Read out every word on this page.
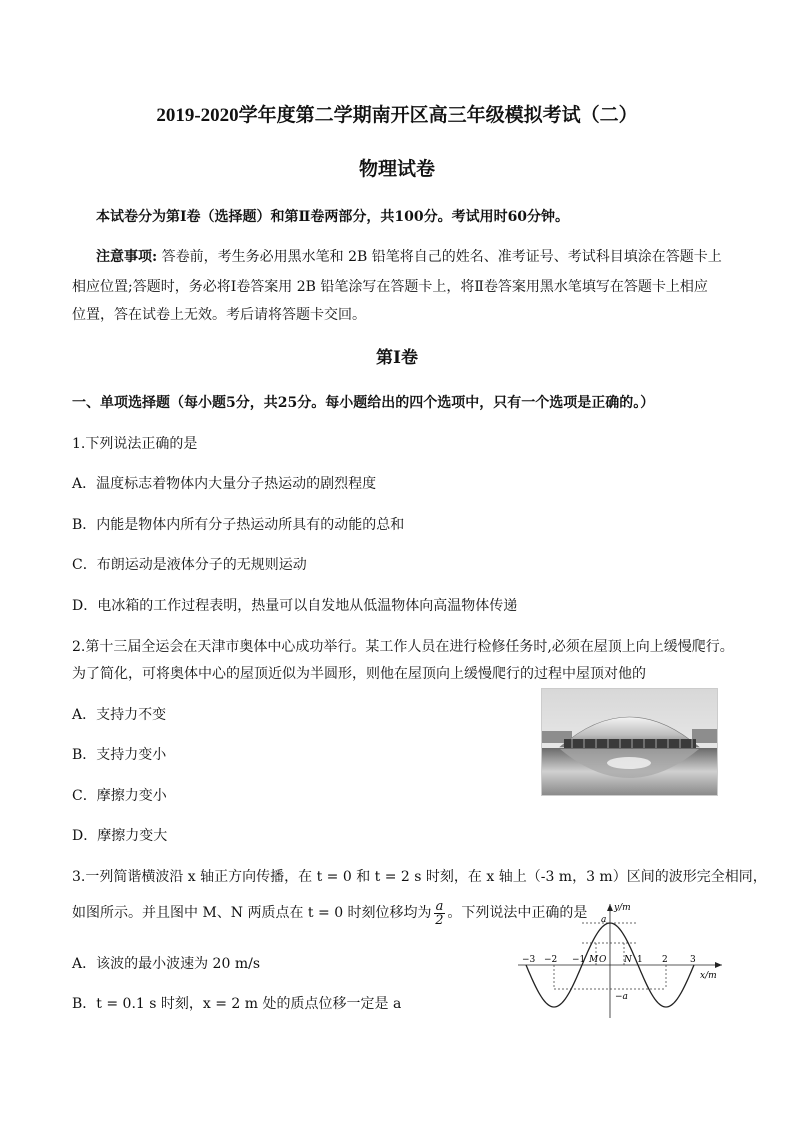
2019-2020学年度第二学期南开区高三年级模拟考试（二）
物理试卷
本试卷分为第Ⅰ卷（选择题）和第Ⅱ卷两部分，共100分。考试用时60分钟。
注意事项: 答卷前，考生务必用黑水笔和 2B 铅笔将自己的姓名、准考证号、考试科目填涂在答题卡上
相应位置;答题时，务必将Ⅰ卷答案用 2B 铅笔涂写在答题卡上，将Ⅱ卷答案用黑水笔填写在答题卡上相应
位置，答在试卷上无效。考后请将答题卡交回。
第Ⅰ卷
一、单项选择题（每小题5分，共25分。每小题给出的四个选项中，只有一个选项是正确的。）
1.下列说法正确的是
A．温度标志着物体内大量分子热运动的剧烈程度
B．内能是物体内所有分子热运动所具有的动能的总和
C．布朗运动是液体分子的无规则运动
D．电冰箱的工作过程表明，热量可以自发地从低温物体向高温物体传递
2.第十三届全运会在天津市奥体中心成功举行。某工作人员在进行检修任务时,必须在屋顶上向上缓慢爬行。
为了简化，可将奥体中心的屋顶近似为半圆形，则他在屋顶向上缓慢爬行的过程中屋顶对他的
A．支持力不变
B．支持力变小
C．摩擦力变小
D．摩擦力变大
3.一列简谐横波沿 x 轴正方向传播，在 t = 0 和 t = 2 s 时刻，在 x 轴上（-3 m，3 m）区间的波形完全相同，
如图所示。并且图中 M、N 两质点在 t = 0 时刻位移均为 $\frac{a}{2}$ 。下列说法中正确的是
A．该波的最小波速为 20 m/s
B．t = 0.1 s 时刻，x = 2 m 处的质点位移一定是 a
y/m
x/m
a
−a
−3 −2 −1 O	1 2 3
M	N
